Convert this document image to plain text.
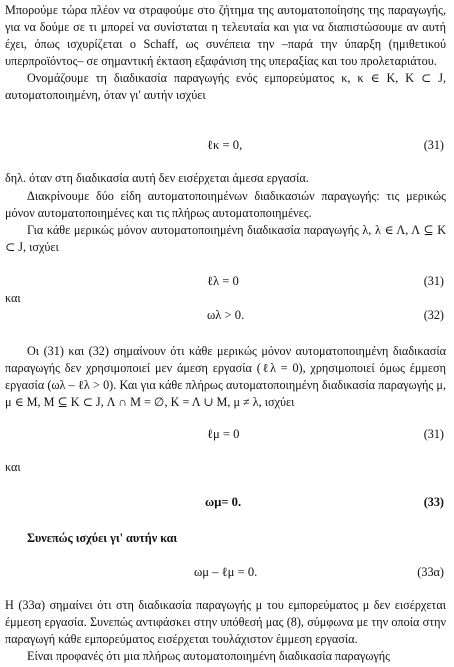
Μπορούμε τώρα πλέον να στραφούμε στο ζήτημα της αυτοματοποίησης της παραγωγής, για να δούμε σε τι μπορεί να συνίσταται η τελευταία και για να διαπιστώσουμε αν αυτή έχει, όπως ισχυρίζεται ο Schaff, ως συνέπεια την –παρά την ύπαρξη (ημιθετικού υπερπροϊόντος– σε σημαντική έκταση εξαφάνιση της υπεραξίας και του προλεταριάτου.

Ονομάζουμε τη διαδικασία παραγωγής ενός εμπορεύματος κ, κ ∈ Κ, Κ ⊂ J, αυτοματοποιημένη, όταν γι' αυτήν ισχύει

ℓκ = 0,	(31)

δηλ. όταν στη διαδικασία αυτή δεν εισέρχεται άμεσα εργασία.

Διακρίνουμε δύο είδη αυτοματοποιημένων διαδικασιών παραγωγής: τις μερικώς μόνον αυτοματοποιημένες και τις πλήρως αυτοματοποιημένες.

Για κάθε μερικώς μόνον αυτοματοποιημένη διαδικασία παραγωγής λ, λ ∈ Λ, Λ ⊆ Κ ⊂ J, ισχύει

ℓλ = 0	(31)
και
ωλ > 0.	(32)

Οι (31) και (32) σημαίνουν ότι κάθε μερικώς μόνον αυτοματοποιημένη διαδικασία παραγωγής δεν χρησιμοποιεί μεν άμεση εργασία (ℓλ = 0), χρησιμοποιεί όμως έμμεση εργασία (ωλ – ℓλ > 0). Και για κάθε πλήρως αυτοματοποιημένη διαδικασία παραγωγής μ, μ ∈ Μ, Μ ⊆ Κ ⊂ J, Λ ∩ Μ = ∅, Κ = Λ ∪ Μ, μ ≠ λ, ισχύει

ℓμ = 0	(31)
και
ωμ= 0.	(33)
Συνεπώς ισχύει γι' αυτήν και
ωμ – ℓμ = 0.	(33α)

Η (33α) σημαίνει ότι στη διαδικασία παραγωγής μ του εμπορεύματος μ δεν εισέρχεται έμμεση εργασία. Συνεπώς αντιφάσκει στην υπόθεσή μας (8), σύμφωνα με την οποία στην παραγωγή κάθε εμπορεύματος εισέρχεται τουλάχιστον έμμεση εργασία.

Είναι προφανές ότι μια πλήρως αυτοματοποιημένη διαδικασία παραγωγής
